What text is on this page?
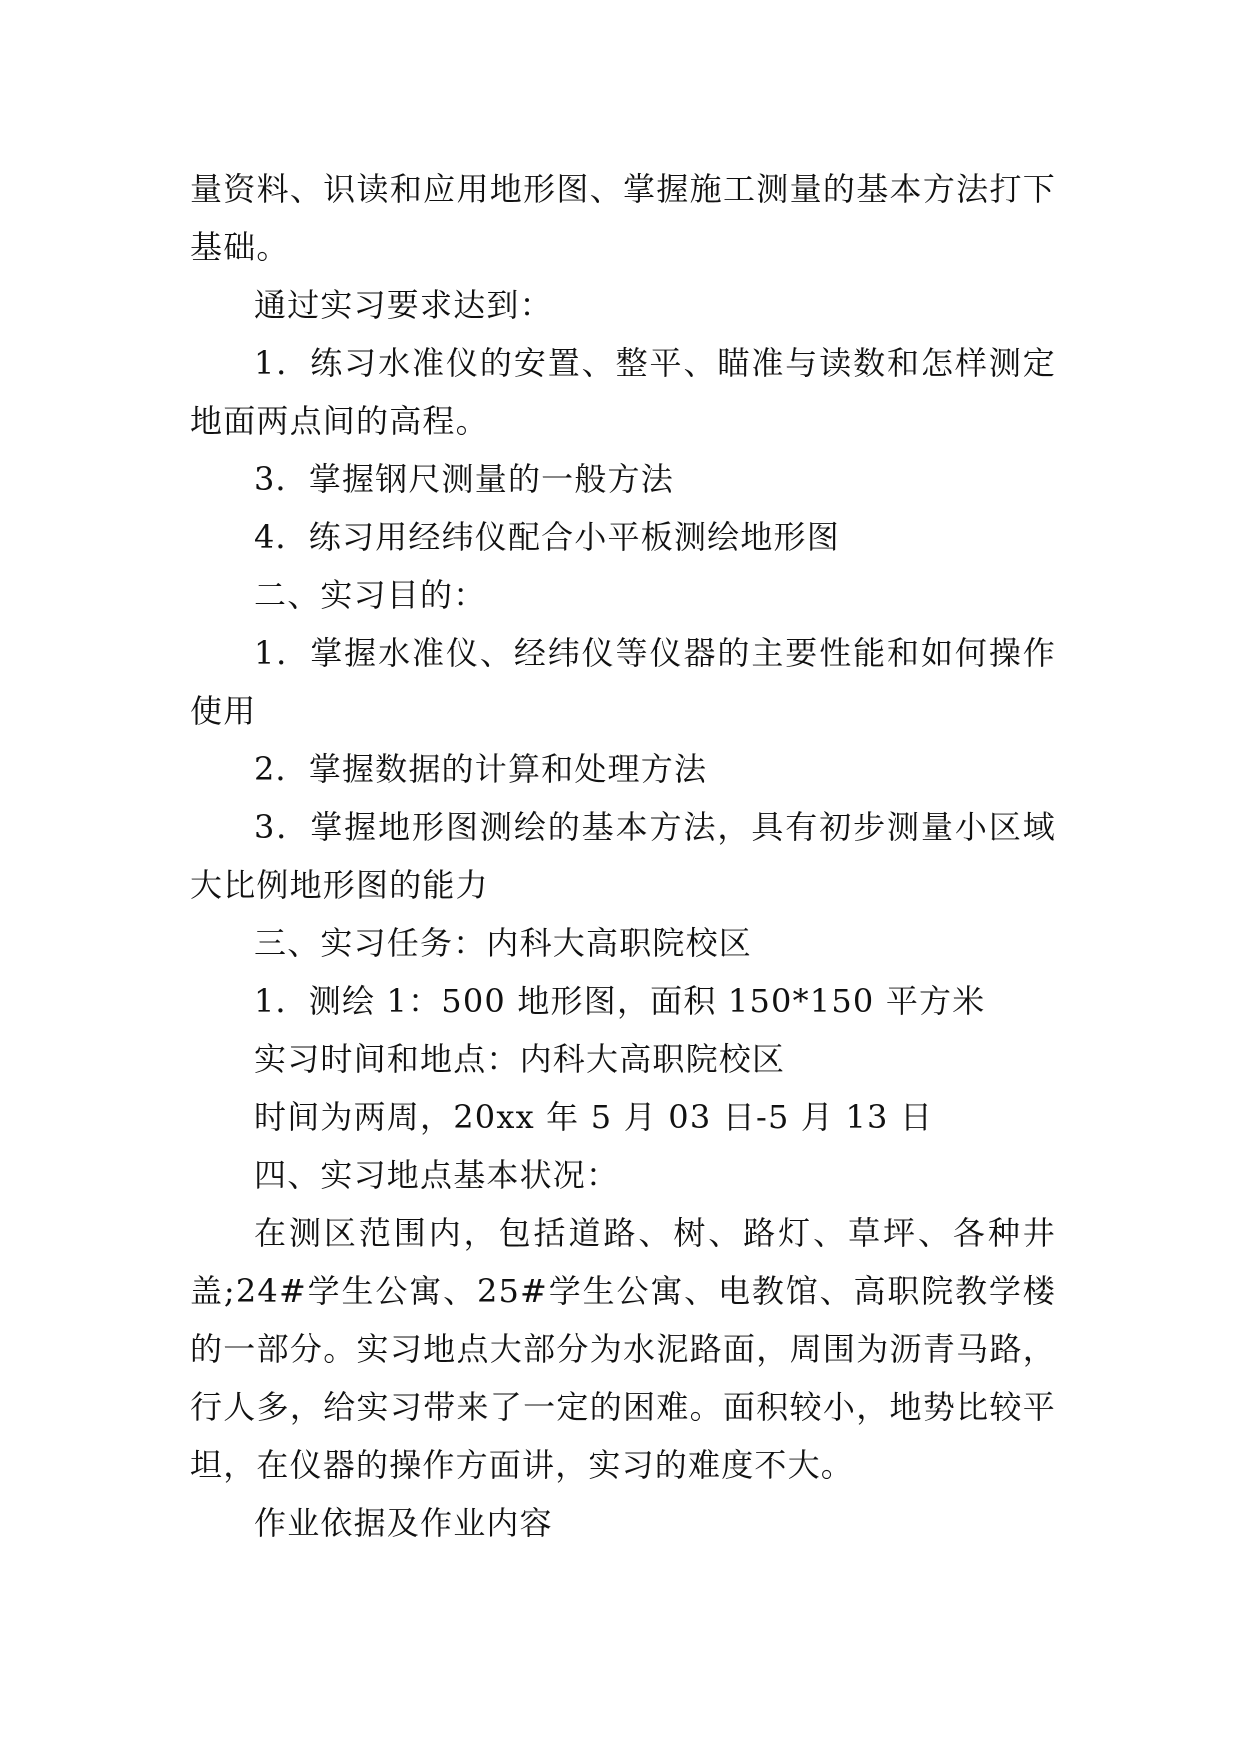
量资料、识读和应用地形图、掌握施工测量的基本方法打下基础。

通过实习要求达到：

1．练习水准仪的安置、整平、瞄准与读数和怎样测定地面两点间的高程。

3．掌握钢尺测量的一般方法

4．练习用经纬仪配合小平板测绘地形图

二、实习目的：

1．掌握水准仪、经纬仪等仪器的主要性能和如何操作使用

2．掌握数据的计算和处理方法

3．掌握地形图测绘的基本方法，具有初步测量小区域大比例地形图的能力

三、实习任务：内科大高职院校区

1．测绘 1：500 地形图，面积 150*150 平方米

实习时间和地点：内科大高职院校区

时间为两周，20xx 年 5 月 03 日-5 月 13 日

四、实习地点基本状况：

在测区范围内，包括道路、树、路灯、草坪、各种井盖;24#学生公寓、25#学生公寓、电教馆、高职院教学楼的一部分。实习地点大部分为水泥路面，周围为沥青马路，行人多，给实习带来了一定的困难。面积较小，地势比较平坦，在仪器的操作方面讲，实习的难度不大。

作业依据及作业内容
